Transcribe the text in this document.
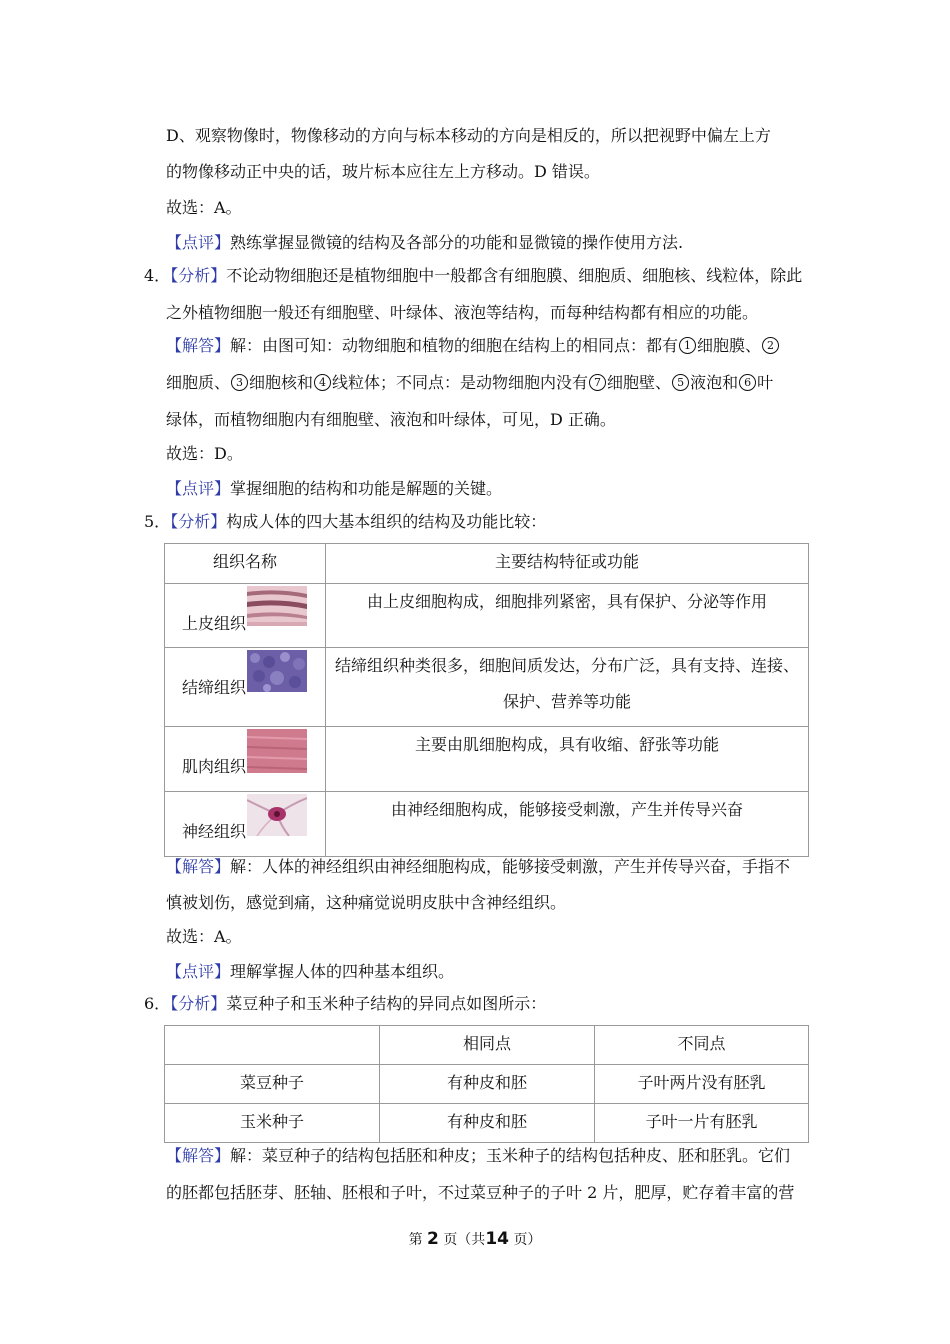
D、观察物像时，物像移动的方向与标本移动的方向是相反的，所以把视野中偏左上方
的物像移动正中央的话，玻片标本应往左上方移动。D 错误。
故选：A。
【点评】熟练掌握显微镜的结构及各部分的功能和显微镜的操作使用方法.
4．【分析】不论动物细胞还是植物细胞中一般都含有细胞膜、细胞质、细胞核、线粒体，除此
之外植物细胞一般还有细胞壁、叶绿体、液泡等结构，而每种结构都有相应的功能。
【解答】解：由图可知：动物细胞和植物的细胞在结构上的相同点：都有 1 细胞膜、 2
细胞质、 3 细胞核和 4 线粒体；不同点：是动物细胞内没有 7 细胞壁、 5 液泡和 6 叶
绿体，而植物细胞内有细胞壁、液泡和叶绿体，可见，D 正确。
故选：D。
【点评】掌握细胞的结构和功能是解题的关键。
5．【分析】构成人体的四大基本组织的结构及功能比较：
组织名称	主要结构特征或功能

上皮组织	由上皮细胞构成，细胞排列紧密，具有保护、分泌等作用

结缔组织	结缔组织种类很多，细胞间质发达，分布广泛，具有支持、连接、
保护、营养等功能

肌肉组织	主要由肌细胞构成，具有收缩、舒张等功能

神经组织	由神经细胞构成，能够接受刺激，产生并传导兴奋
【解答】解：人体的神经组织由神经细胞构成，能够接受刺激，产生并传导兴奋，手指不
慎被划伤，感觉到痛，这种痛觉说明皮肤中含神经组织。
故选：A。
【点评】理解掌握人体的四种基本组织。
6．【分析】菜豆种子和玉米种子结构的异同点如图所示：
	相同点	不同点
菜豆种子	有种皮和胚	子叶两片没有胚乳
玉米种子	有种皮和胚	子叶一片有胚乳
【解答】解：菜豆种子的结构包括胚和种皮；玉米种子的结构包括种皮、胚和胚乳。它们
的胚都包括胚芽、胚轴、胚根和子叶，不过菜豆种子的子叶 2 片，肥厚，贮存着丰富的营
第 2 页（共14 页）
